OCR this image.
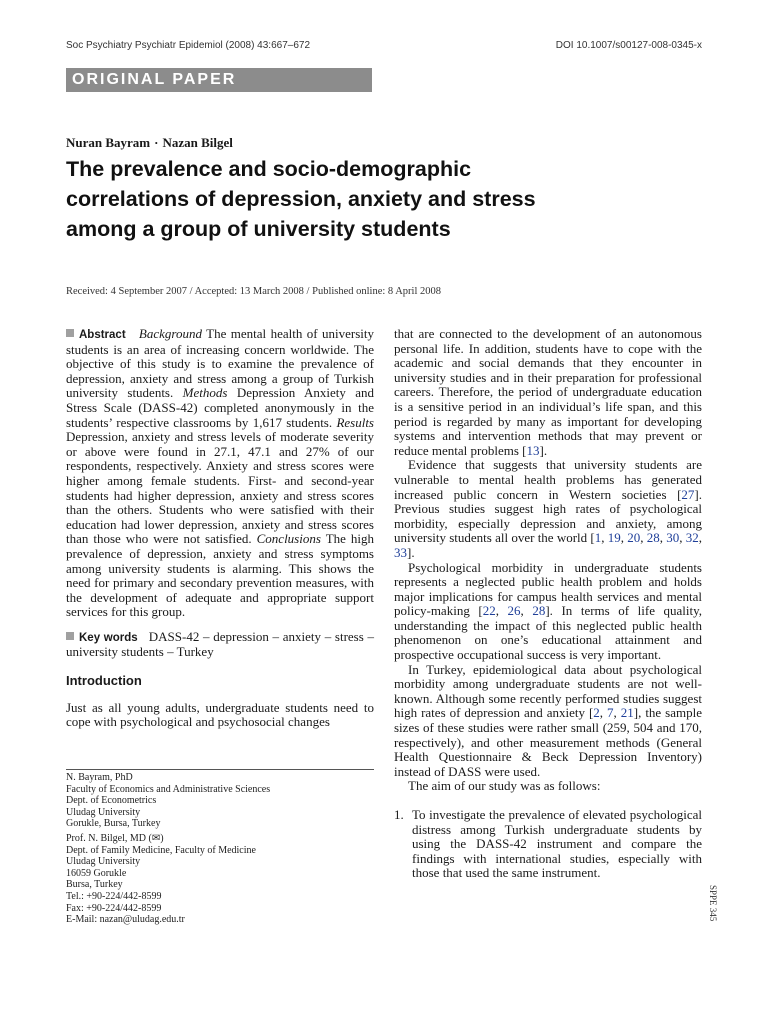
Soc Psychiatry Psychiatr Epidemiol (2008) 43:667–672	DOI 10.1007/s00127-008-0345-x
ORIGINAL PAPER
Nuran Bayram · Nazan Bilgel
The prevalence and socio-demographic correlations of depression, anxiety and stress among a group of university students
Received: 4 September 2007 / Accepted: 13 March 2008 / Published online: 8 April 2008

Abstract Background The mental health of university students is an area of increasing concern worldwide. The objective of this study is to examine the prevalence of depression, anxiety and stress among a group of Turkish university students. Methods Depression Anxiety and Stress Scale (DASS-42) completed anonymously in the students’ respective classrooms by 1,617 students. Results Depression, anxiety and stress levels of moderate severity or above were found in 27.1, 47.1 and 27% of our respondents, respectively. Anxiety and stress scores were higher among female students. First- and second-year students had higher depression, anxiety and stress scores than the others. Students who were satisfied with their education had lower depression, anxiety and stress scores than those who were not satisfied. Conclusions The high prevalence of depression, anxiety and stress symptoms among university students is alarming. This shows the need for primary and secondary prevention measures, with the development of adequate and appropriate support services for this group.

Key words DASS-42 – depression – anxiety – stress – university students – Turkey

Introduction

Just as all young adults, undergraduate students need to cope with psychological and psychosocial changes

N. Bayram, PhD
Faculty of Economics and Administrative Sciences
Dept. of Econometrics
Uludag University
Gorukle, Bursa, Turkey
Prof. N. Bilgel, MD (✉)
Dept. of Family Medicine, Faculty of Medicine
Uludag University
16059 Gorukle
Bursa, Turkey
Tel.: +90-224/442-8599
Fax: +90-224/442-8599
E-Mail: nazan@uludag.edu.tr

that are connected to the development of an autonomous personal life. In addition, students have to cope with the academic and social demands that they encounter in university studies and in their preparation for professional careers. Therefore, the period of undergraduate education is a sensitive period in an individual’s life span, and this period is regarded by many as important for developing systems and intervention methods that may prevent or reduce mental problems [13].

Evidence that suggests that university students are vulnerable to mental health problems has generated increased public concern in Western societies [27]. Previous studies suggest high rates of psychological morbidity, especially depression and anxiety, among university students all over the world [1, 19, 20, 28, 30, 32, 33].

Psychological morbidity in undergraduate students represents a neglected public health problem and holds major implications for campus health services and mental policy-making [22, 26, 28]. In terms of life quality, understanding the impact of this neglected public health phenomenon on one’s educational attainment and prospective occupational success is very important.

In Turkey, epidemiological data about psychological morbidity among undergraduate students are not well-known. Although some recently performed studies suggest high rates of depression and anxiety [2, 7, 21], the sample sizes of these studies were rather small (259, 504 and 170, respectively), and other measurement methods (General Health Questionnaire & Beck Depression Inventory) instead of DASS were used.

The aim of our study was as follows:

1. To investigate the prevalence of elevated psychological distress among Turkish undergraduate students by using the DASS-42 instrument and compare the findings with international studies, especially with those that used the same instrument.
SPPE 345
